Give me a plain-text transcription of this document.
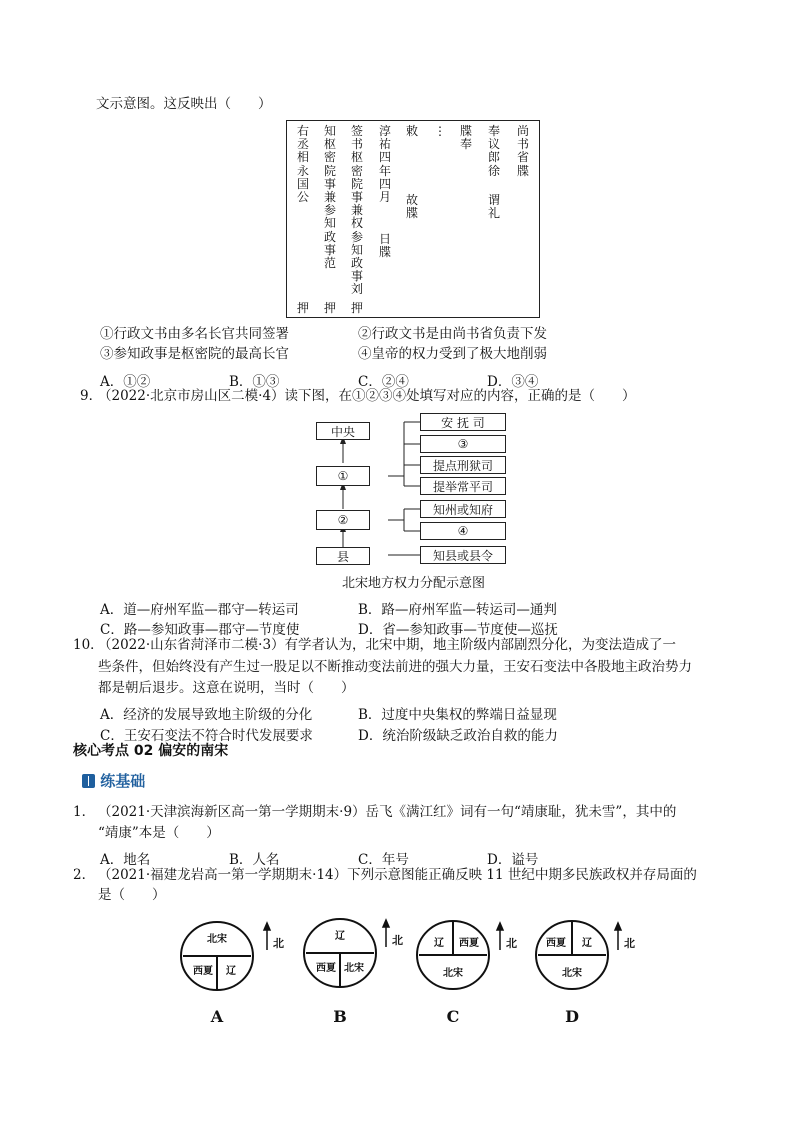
文示意图。这反映出（　　）
尚
书
省
牒
奉
议
郎
徐
谓
礼
牒
奉
⋮
敕
故
牒
淳
祐
四
年
四
月
日
牒
签
书
枢
密
院
事
兼
权
参
知
政
事
刘
知
枢
密
院
事
兼
参
知
政
事
范
右
丞
相
永
国
公
押 押 押
①行政文书由多名长官共同签署	②行政文书是由尚书省负责下发
③参知政事是枢密院的最高长官	④皇帝的权力受到了极大地削弱
A．①②	B．①③	C．②④	D．③④
9．
（2022·北京市房山区二模·4）读下图，在①②③④处填写对应的内容，正确的是（　　）
中央
①
②
县
安 抚 司
③
提点刑狱司
提举常平司
知州或知府
④
知县或县令
北宋地方权力分配示意图
A．道—府州军监—郡守—转运司	B．路—府州军监—转运司—通判
C．路—参知政事—郡守—节度使	D．省—参知政事—节度使—巡抚
10．
（2022·山东省菏泽市二模·3）有学者认为，北宋中期，地主阶级内部剧烈分化，为变法造成了一
些条件，但始终没有产生过一股足以不断推动变法前进的强大力量，王安石变法中各股地主政治势力
都是朝后退步。这意在说明，当时（　　）
A．经济的发展导致地主阶级的分化	B．过度中央集权的弊端日益显现
C．王安石变法不符合时代发展要求	D．统治阶级缺乏政治自救的能力
核心考点 02 偏安的南宋
练基础
1． （2021·天津滨海新区高一第一学期期末·9）岳飞《满江红》词有一句“靖康耻，犹未雪”，其中的
“靖康”本是（　　）
A．地名	B．人名	C．年号	D．谥号
2． （2021·福建龙岩高一第一学期期末·14）下列示意图能正确反映 11 世纪中期多民族政权并存局面的
是（　　）
北宋
西夏 辽
辽
西夏 北宋
辽 西夏
北宋
西夏 辽
北宋
北	北	北	北
A	B	C	D
